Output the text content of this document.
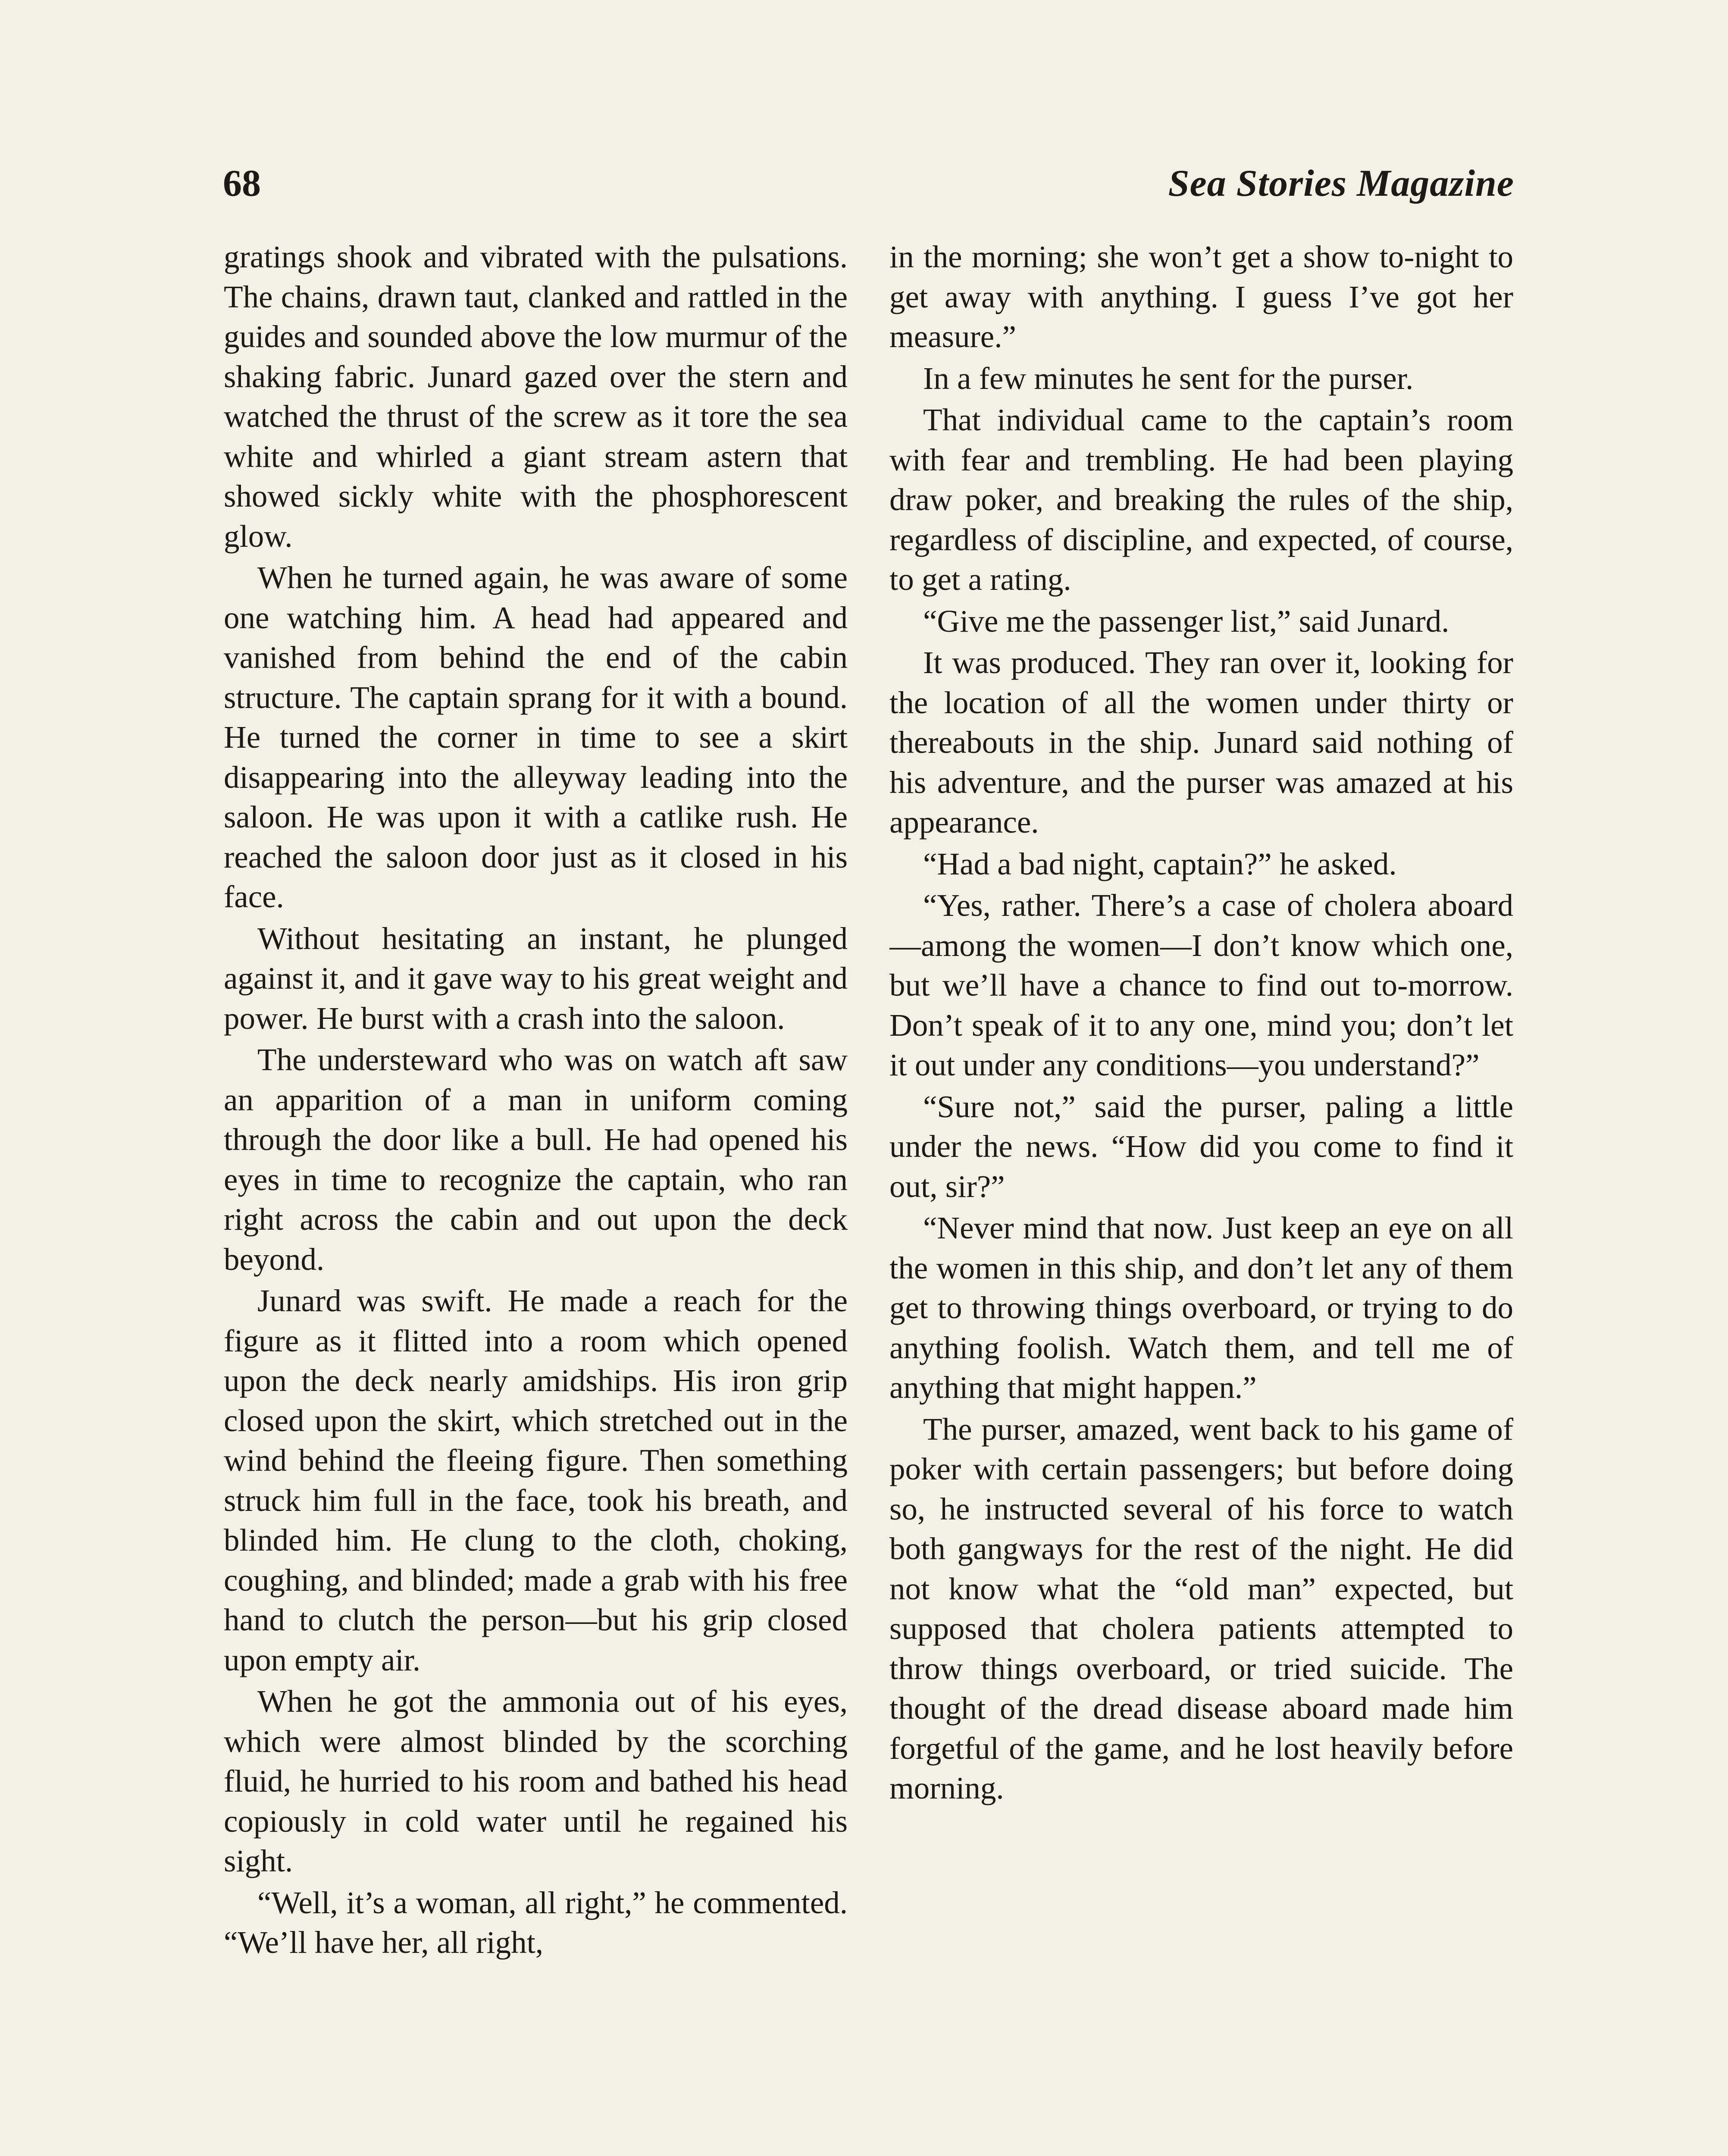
68	Sea Stories Magazine

gratings shook and vibrated with the pulsations. The chains, drawn taut, clanked and rattled in the guides and sounded above the low murmur of the shaking fabric. Junard gazed over the stern and watched the thrust of the screw as it tore the sea white and whirled a giant stream astern that showed sickly white with the phosphorescent glow.

When he turned again, he was aware of some one watching him. A head had appeared and vanished from behind the end of the cabin structure. The captain sprang for it with a bound. He turned the corner in time to see a skirt disappearing into the alleyway leading into the saloon. He was upon it with a catlike rush. He reached the saloon door just as it closed in his face.

Without hesitating an instant, he plunged against it, and it gave way to his great weight and power. He burst with a crash into the saloon.

The understeward who was on watch aft saw an apparition of a man in uniform coming through the door like a bull. He had opened his eyes in time to recognize the captain, who ran right across the cabin and out upon the deck beyond.

Junard was swift. He made a reach for the figure as it flitted into a room which opened upon the deck nearly amidships. His iron grip closed upon the skirt, which stretched out in the wind behind the fleeing figure. Then something struck him full in the face, took his breath, and blinded him. He clung to the cloth, choking, coughing, and blinded; made a grab with his free hand to clutch the person—but his grip closed upon empty air.

When he got the ammonia out of his eyes, which were almost blinded by the scorching fluid, he hurried to his room and bathed his head copiously in cold water until he regained his sight.

“Well, it’s a woman, all right,” he commented. “We’ll have her, all right,

in the morning; she won’t get a show to-night to get away with anything. I guess I’ve got her measure.”

In a few minutes he sent for the purser.

That individual came to the captain’s room with fear and trembling. He had been playing draw poker, and breaking the rules of the ship, regardless of discipline, and expected, of course, to get a rating.

“Give me the passenger list,” said Junard.

It was produced. They ran over it, looking for the location of all the women under thirty or thereabouts in the ship. Junard said nothing of his adventure, and the purser was amazed at his appearance.

“Had a bad night, captain?” he asked.

“Yes, rather. There’s a case of cholera aboard—among the women—I don’t know which one, but we’ll have a chance to find out to-morrow. Don’t speak of it to any one, mind you; don’t let it out under any conditions—you understand?”

“Sure not,” said the purser, paling a little under the news. “How did you come to find it out, sir?”

“Never mind that now. Just keep an eye on all the women in this ship, and don’t let any of them get to throwing things overboard, or trying to do anything foolish. Watch them, and tell me of anything that might happen.”

The purser, amazed, went back to his game of poker with certain passengers; but before doing so, he instructed several of his force to watch both gangways for the rest of the night. He did not know what the “old man” expected, but supposed that cholera patients attempted to throw things overboard, or tried suicide. The thought of the dread disease aboard made him forgetful of the game, and he lost heavily before morning.
